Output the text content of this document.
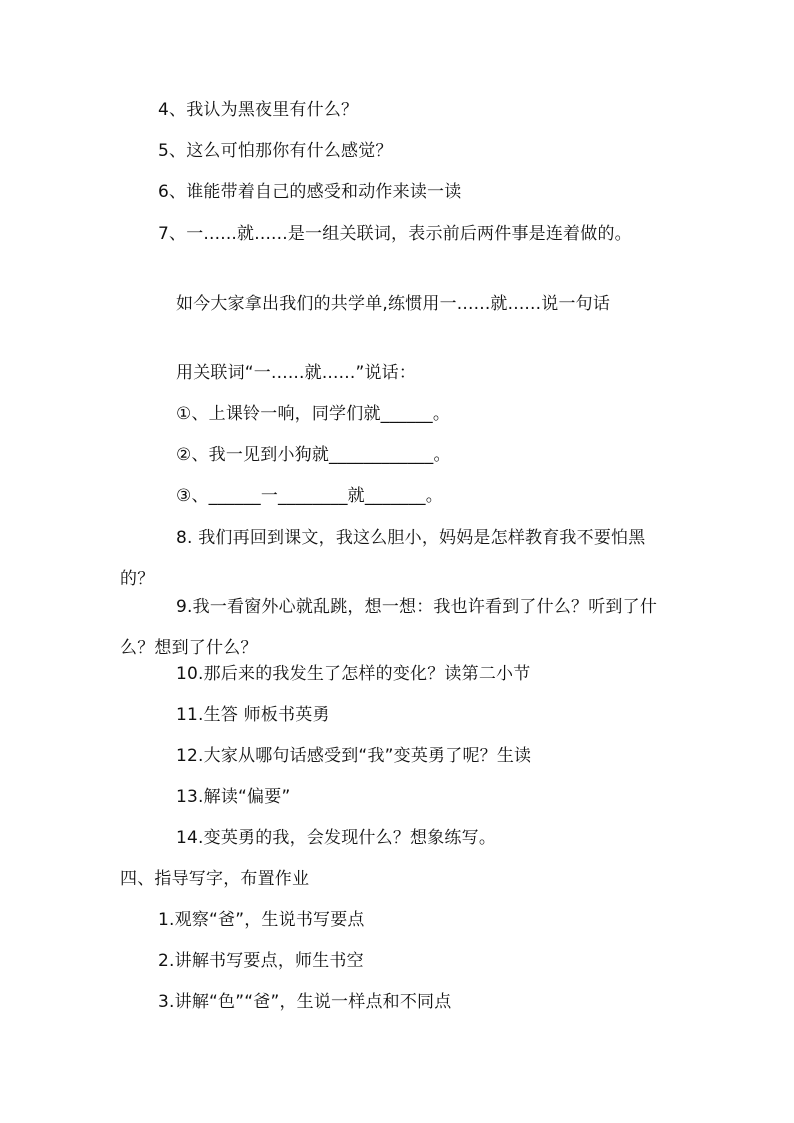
4、我认为黑夜里有什么？
5、这么可怕那你有什么感觉？
6、谁能带着自己的感受和动作来读一读
7、一......就......是一组关联词，表示前后两件事是连着做的。
如今大家拿出我们的共学单,练惯用一......就......说一句话
用关联词“一......就......”说话：
①、上课铃一响，同学们就______。
②、我一见到小狗就____________。
③、______一________就_______。
8. 我们再回到课文，我这么胆小，妈妈是怎样教育我不要怕黑的？
9.我一看窗外心就乱跳，想一想：我也许看到了什么？听到了什么？想到了什么？
10.那后来的我发生了怎样的变化？读第二小节
11.生答 师板书英勇
12.大家从哪句话感受到“我”变英勇了呢？生读
13.解读“偏要”
14.变英勇的我，会发现什么？想象练写。
四、指导写字，布置作业
1.观察“爸”，生说书写要点
2.讲解书写要点，师生书空
3.讲解“色”“爸”，生说一样点和不同点
